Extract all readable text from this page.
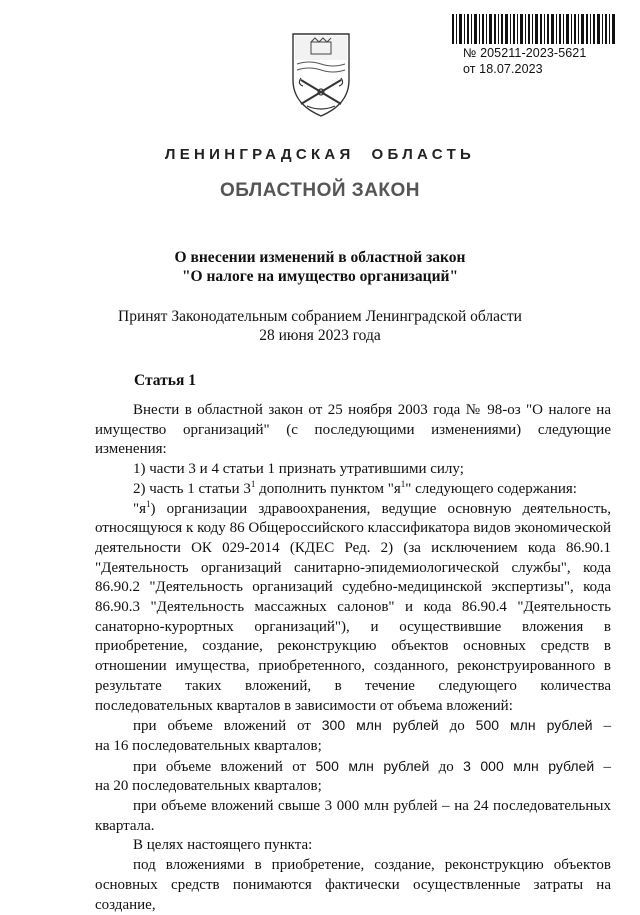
№ 205211-2023-5621
от 18.07.2023
ЛЕНИНГРАДСКАЯ  ОБЛАСТЬ
ОБЛАСТНОЙ ЗАКОН
О внесении изменений в областной закон
"О налоге на имущество организаций"
Принят Законодательным собранием Ленинградской области
28 июня 2023 года
Статья 1

Внести в областной закон от 25 ноября 2003 года № 98-оз "О налоге на имущество организаций" (с последующими изменениями) следующие изменения:

1) части 3 и 4 статьи 1 признать утратившими силу;

2) часть 1 статьи $3^1$ дополнить пунктом "$я^1$" следующего содержания:

"$я^1$) организации здравоохранения, ведущие основную деятельность, относящуюся к коду 86 Общероссийского классификатора видов экономической деятельности ОК 029-2014 (КДЕС Ред. 2) (за исключением кода 86.90.1 "Деятельность организаций санитарно-эпидемиологической службы", кода 86.90.2 "Деятельность организаций судебно-медицинской экспертизы", кода 86.90.3 "Деятельность массажных салонов" и кода 86.90.4 "Деятельность санаторно-курортных организаций"), и осуществившие вложения в приобретение, создание, реконструкцию объектов основных средств в отношении имущества, приобретенного, созданного, реконструированного в результате таких вложений, в течение следующего количества последовательных кварталов в зависимости от объема вложений:

при объеме вложений от 300 млн рублей до 500 млн рублей –

на 16 последовательных кварталов;

при объеме вложений от 500 млн рублей до 3 000 млн рублей –

на 20 последовательных кварталов;

при объеме вложений свыше 3 000 млн рублей – на 24 последовательных квартала.

В целях настоящего пункта:

под вложениями в приобретение, создание, реконструкцию объектов основных средств понимаются фактически осуществленные затраты на создание,
